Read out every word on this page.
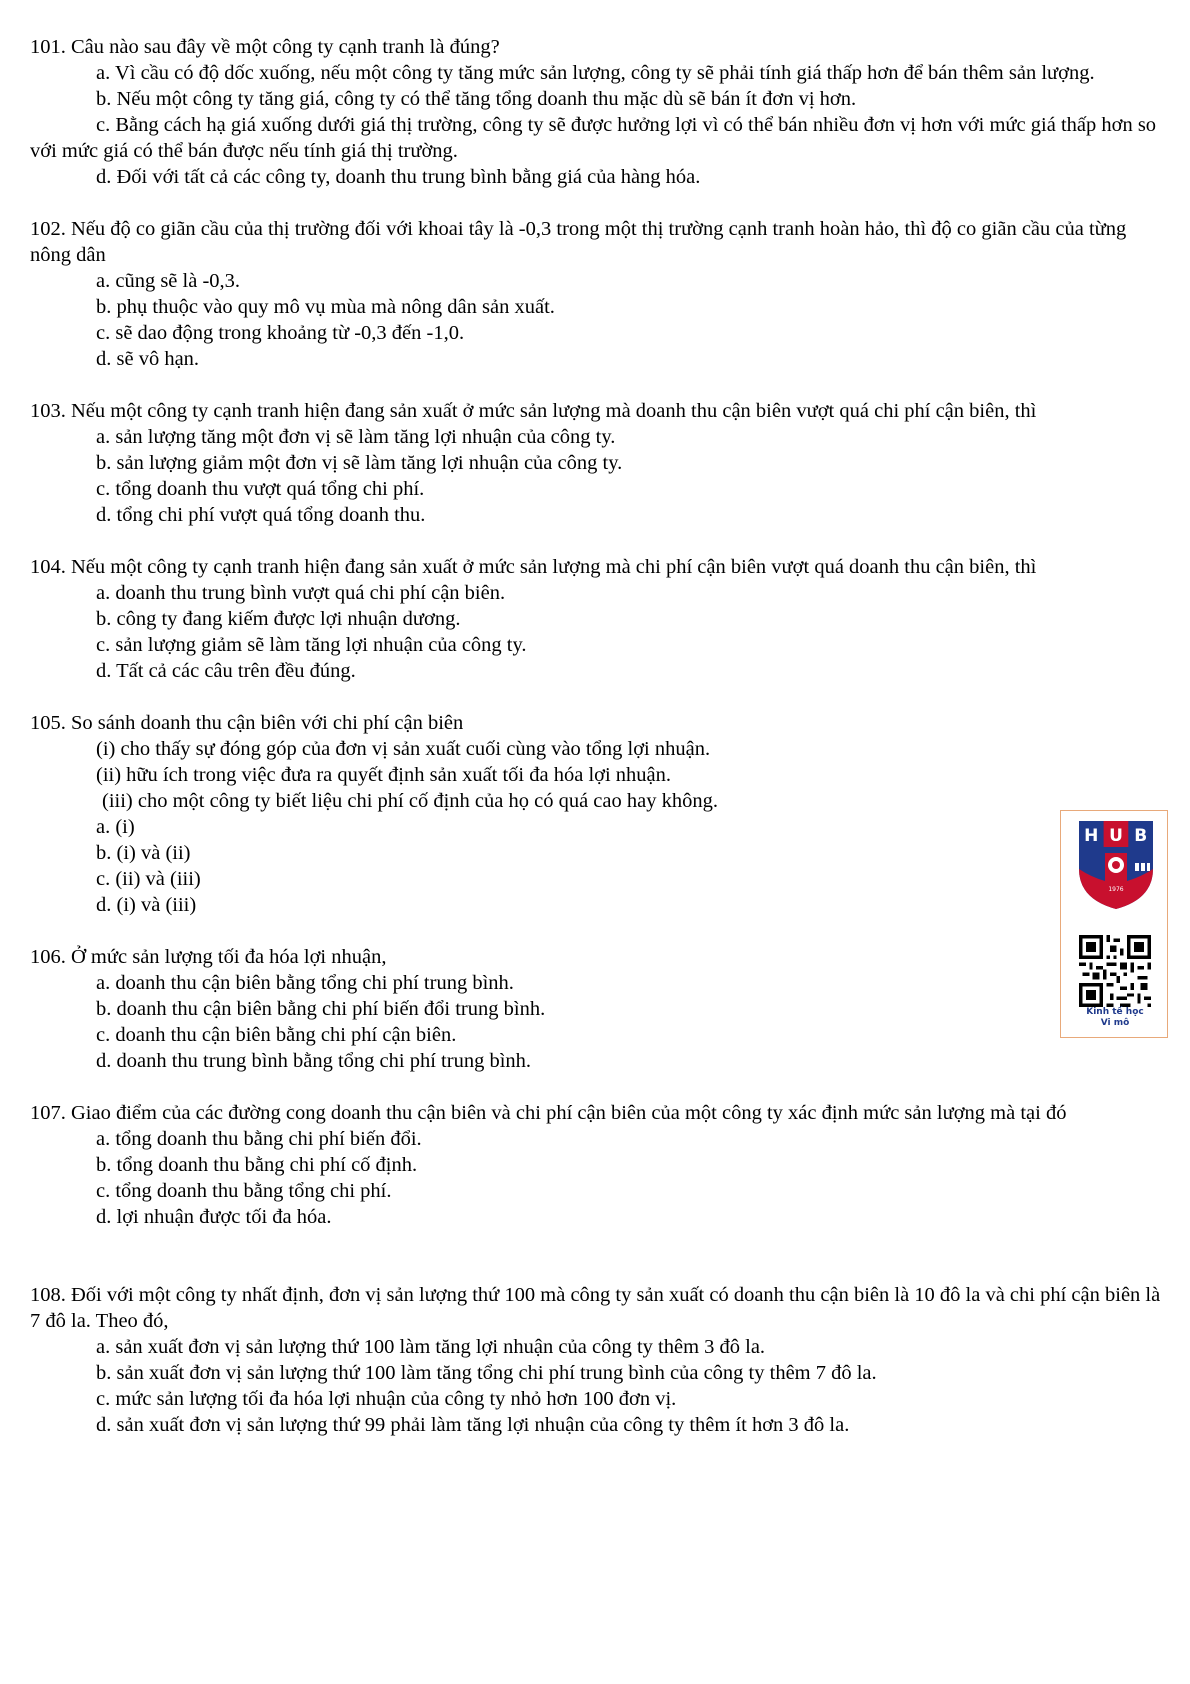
101. Câu nào sau đây về một công ty cạnh tranh là đúng?

a. Vì cầu có độ dốc xuống, nếu một công ty tăng mức sản lượng, công ty sẽ phải tính giá thấp hơn để bán thêm sản lượng.

b. Nếu một công ty tăng giá, công ty có thể tăng tổng doanh thu mặc dù sẽ bán ít đơn vị hơn.

c. Bằng cách hạ giá xuống dưới giá thị trường, công ty sẽ được hưởng lợi vì có thể bán nhiều đơn vị hơn với mức giá thấp hơn so với mức giá có thể bán được nếu tính giá thị trường.

d. Đối với tất cả các công ty, doanh thu trung bình bằng giá của hàng hóa.

102. Nếu độ co giãn cầu của thị trường đối với khoai tây là -0,3 trong một thị trường cạnh tranh hoàn hảo, thì độ co giãn cầu của từng nông dân

a. cũng sẽ là -0,3.

b. phụ thuộc vào quy mô vụ mùa mà nông dân sản xuất.

c. sẽ dao động trong khoảng từ -0,3 đến -1,0.

d. sẽ vô hạn.

103. Nếu một công ty cạnh tranh hiện đang sản xuất ở mức sản lượng mà doanh thu cận biên vượt quá chi phí cận biên, thì

a. sản lượng tăng một đơn vị sẽ làm tăng lợi nhuận của công ty.

b. sản lượng giảm một đơn vị sẽ làm tăng lợi nhuận của công ty.

c. tổng doanh thu vượt quá tổng chi phí.

d. tổng chi phí vượt quá tổng doanh thu.

104. Nếu một công ty cạnh tranh hiện đang sản xuất ở mức sản lượng mà chi phí cận biên vượt quá doanh thu cận biên, thì

a. doanh thu trung bình vượt quá chi phí cận biên.

b. công ty đang kiếm được lợi nhuận dương.

c. sản lượng giảm sẽ làm tăng lợi nhuận của công ty.

d. Tất cả các câu trên đều đúng.

105. So sánh doanh thu cận biên với chi phí cận biên

(i) cho thấy sự đóng góp của đơn vị sản xuất cuối cùng vào tổng lợi nhuận.

(ii) hữu ích trong việc đưa ra quyết định sản xuất tối đa hóa lợi nhuận.

(iii) cho một công ty biết liệu chi phí cố định của họ có quá cao hay không.

a. (i)

b. (i) và (ii)

c. (ii) và (iii)

d. (i) và (iii)

106. Ở mức sản lượng tối đa hóa lợi nhuận,

a. doanh thu cận biên bằng tổng chi phí trung bình.

b. doanh thu cận biên bằng chi phí biến đổi trung bình.

c. doanh thu cận biên bằng chi phí cận biên.

d. doanh thu trung bình bằng tổng chi phí trung bình.

107. Giao điểm của các đường cong doanh thu cận biên và chi phí cận biên của một công ty xác định mức sản lượng mà tại đó

a. tổng doanh thu bằng chi phí biến đổi.

b. tổng doanh thu bằng chi phí cố định.

c. tổng doanh thu bằng tổng chi phí.

d. lợi nhuận được tối đa hóa.

108. Đối với một công ty nhất định, đơn vị sản lượng thứ 100 mà công ty sản xuất có doanh thu cận biên là 10 đô la và chi phí cận biên là 7 đô la. Theo đó,

a. sản xuất đơn vị sản lượng thứ 100 làm tăng lợi nhuận của công ty thêm 3 đô la.

b. sản xuất đơn vị sản lượng thứ 100 làm tăng tổng chi phí trung bình của công ty thêm 7 đô la.

c. mức sản lượng tối đa hóa lợi nhuận của công ty nhỏ hơn 100 đơn vị.

d. sản xuất đơn vị sản lượng thứ 99 phải làm tăng lợi nhuận của công ty thêm ít hơn 3 đô la.

H U B
1976
Kinh tế học
Vi mô
